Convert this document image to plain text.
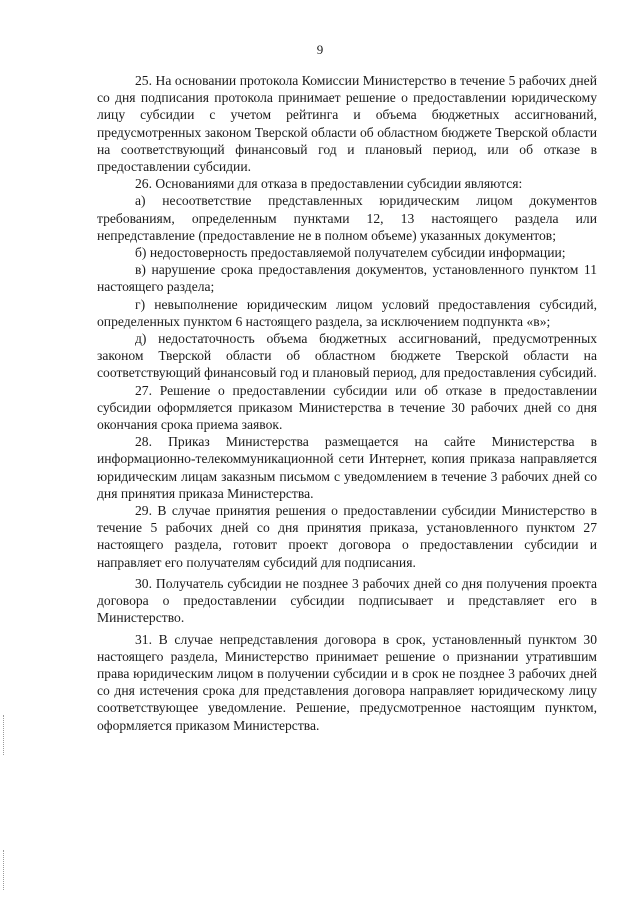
9

25. На основании протокола Комиссии Министерство в течение 5 рабочих дней со дня подписания протокола принимает решение о предоставлении юридическому лицу субсидии с учетом рейтинга и объема бюджетных ассигнований, предусмотренных законом Тверской области об областном бюджете Тверской области на соответствующий финансовый год и плановый период, или об отказе в предоставлении субсидии.

26. Основаниями для отказа в предоставлении субсидии являются:

а) несоответствие представленных юридическим лицом документов требованиям, определенным пунктами 12, 13 настоящего раздела или непредставление (предоставление не в полном объеме) указанных документов;

б) недостоверность предоставляемой получателем субсидии информации;

в) нарушение срока предоставления документов, установленного пунктом 11 настоящего раздела;

г) невыполнение юридическим лицом условий предоставления субсидий, определенных пунктом 6 настоящего раздела, за исключением подпункта «в»;

д) недостаточность объема бюджетных ассигнований, предусмотренных законом Тверской области об областном бюджете Тверской области на соответствующий финансовый год и плановый период, для предоставления субсидий.

27. Решение о предоставлении субсидии или об отказе в предоставлении субсидии оформляется приказом Министерства в течение 30 рабочих дней со дня окончания срока приема заявок.

28. Приказ Министерства размещается на сайте Министерства в информационно-телекоммуникационной сети Интернет, копия приказа направляется юридическим лицам заказным письмом с уведомлением в течение 3 рабочих дней со дня принятия приказа Министерства.

29. В случае принятия решения о предоставлении субсидии Министерство в течение 5 рабочих дней со дня принятия приказа, установленного пунктом 27 настоящего раздела, готовит проект договора о предоставлении субсидии и направляет его получателям субсидий для подписания.

30. Получатель субсидии не позднее 3 рабочих дней со дня получения проекта договора о предоставлении субсидии подписывает и представляет его в Министерство.

31. В случае непредставления договора в срок, установленный пунктом 30 настоящего раздела, Министерство принимает решение о признании утратившим права юридическим лицом в получении субсидии и в срок не позднее 3 рабочих дней со дня истечения срока для представления договора направляет юридическому лицу соответствующее уведомление. Решение, предусмотренное настоящим пунктом, оформляется приказом Министерства.
